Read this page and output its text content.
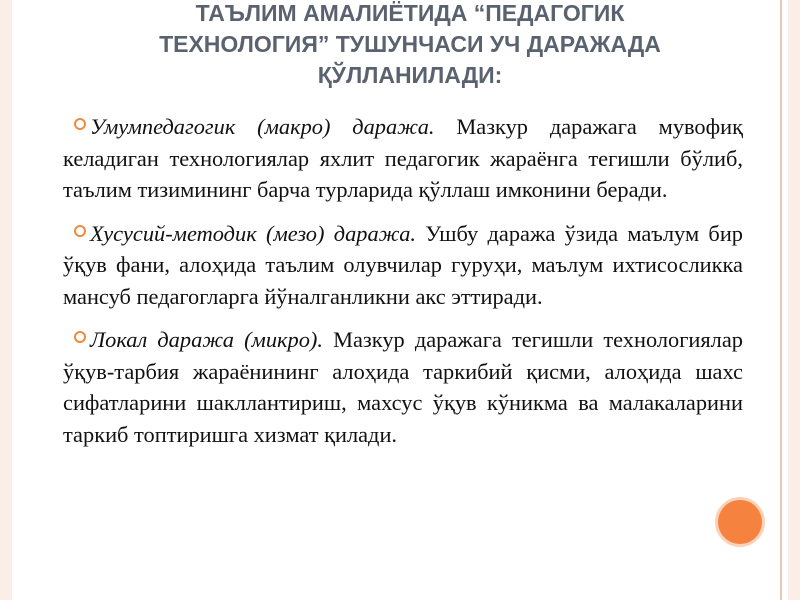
ТАЪЛИМ АМАЛИЁТИДА “ПЕДАГОГИК
ТЕХНОЛОГИЯ” ТУШУНЧАСИ УЧ ДАРАЖАДА
ҚЎЛЛАНИЛАДИ:

Умумпедагогик (макро) даража. Мазкур даражага мувофиқ келадиган технологиялар яхлит педагогик жараёнга тегишли бўлиб, таълим тизимининг барча турларида қўллаш имконини беради.

Хусусий-методик (мезо) даража. Ушбу даража ўзида маълум бир ўқув фани, алоҳида таълим олувчилар гуруҳи, маълум ихтисосликка мансуб педагогларга йўналганликни акс эттиради.

Локал даража (микро). Мазкур даражага тегишли технологиялар ўқув-тарбия жараёнининг алоҳида таркибий қисми, алоҳида шахс сифатларини шакллантириш, махсус ўқув кўникма ва малакаларини таркиб топтиришга хизмат қилади.
